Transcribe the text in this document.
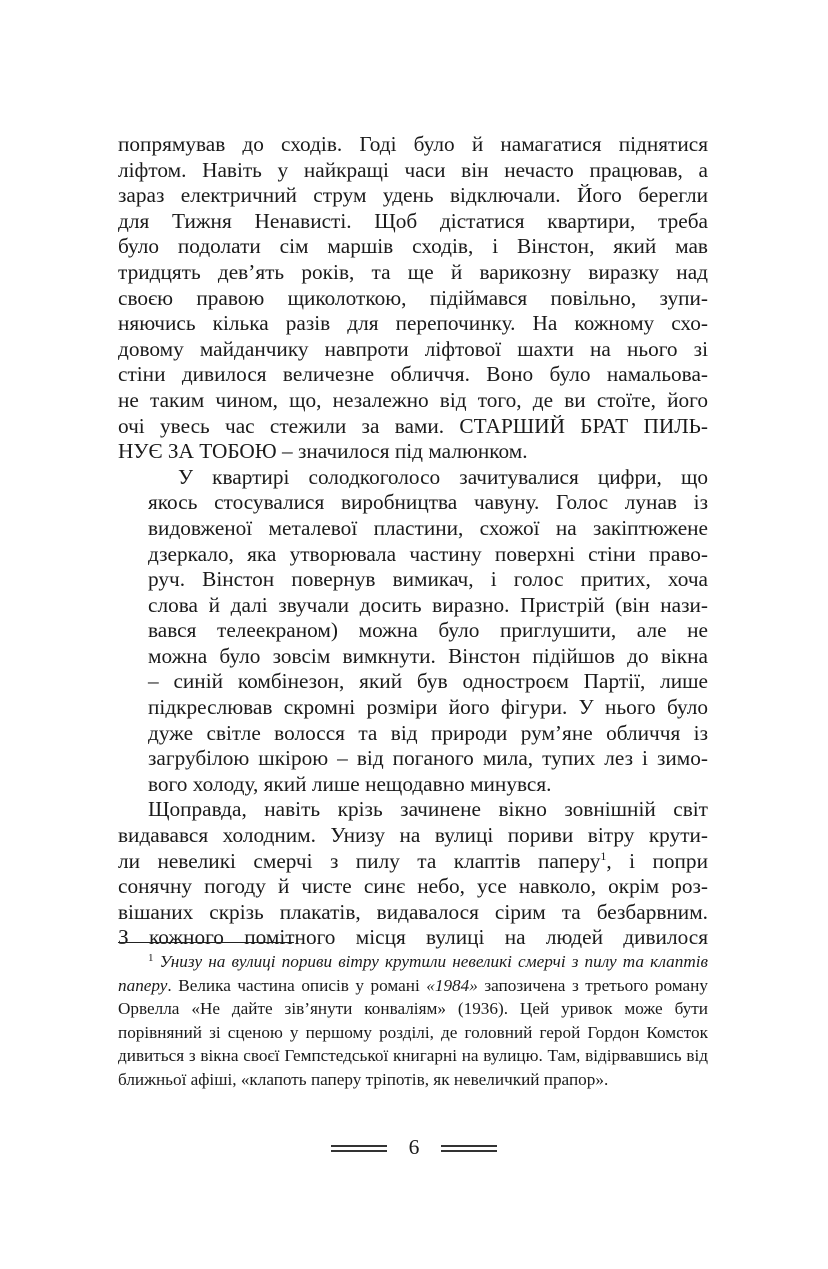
попрямував до сходів. Годі було й намагатися піднятися
ліфтом. Навіть у найкращі часи він нечасто працював, а
зараз електричний струм удень відключали. Його берегли
для Тижня Ненависті. Щоб дістатися квартири, треба
було подолати сім маршів сходів, і Вінстон, який мав
тридцять дев’ять років, та ще й варикозну виразку над
своєю правою щиколоткою, підіймався повільно, зупи-
няючись кілька разів для перепочинку. На кожному схо-
довому майданчику навпроти ліфтової шахти на нього зі
стіни дивилося величезне обличчя. Воно було намальова-
не таким чином, що, незалежно від того, де ви стоїте, його
очі увесь час стежили за вами. СТАРШИЙ БРАТ ПИЛЬ-
НУЄ ЗА ТОБОЮ – значилося під малюнком.

У квартирі солодкоголосо зачитувалися цифри, що
якось стосувалися виробництва чавуну. Голос лунав із
видовженої металевої пластини, схожої на закіптюжене
дзеркало, яка утворювала частину поверхні стіни право-
руч. Вінстон повернув вимикач, і голос притих, хоча
слова й далі звучали досить виразно. Пристрій (він нази-
вався телеекраном) можна було приглушити, але не
можна було зовсім вимкнути. Вінстон підійшов до вікна
– синій комбінезон, який був одностроєм Партії, лише
підкреслював скромні розміри його фігури. У нього було
дуже світле волосся та від природи рум’яне обличчя із
загрубілою шкірою – від поганого мила, тупих лез і зимо-
вого холоду, який лише нещодавно минувся.

Щоправда, навіть крізь зачинене вікно зовнішній світ
видавався холодним. Унизу на вулиці пориви вітру крути-
ли невеликі смерчі з пилу та клаптів паперу$^1$, і попри
сонячну погоду й чисте синє небо, усе навколо, окрім роз-
вішаних скрізь плакатів, видавалося сірим та безбарвним.
З кожного помітного місця вулиці на людей дивилося

$^1$ Унизу на вулиці пориви вітру крутили невеликі смерчі з пилу та клаптів паперу. Велика частина описів у романі «1984» запозичена з третього роману Орвелла «Не дайте зів’янути конваліям» (1936). Цей уривок може бути порівняний зі сценою у першому розділі, де головний герой Гордон Комсток дивиться з вікна своєї Гемпстедської книгарні на вулицю. Там, відірвавшись від ближньої афіші, «клапоть паперу тріпотів, як невеличкий прапор».

6
